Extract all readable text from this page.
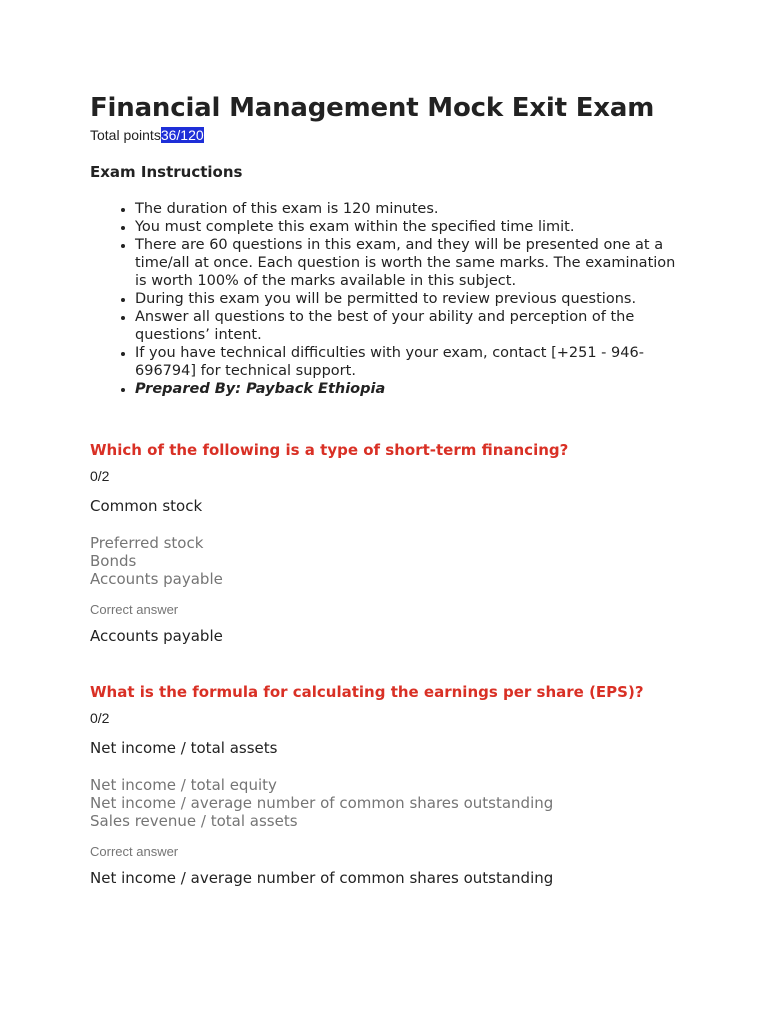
Financial Management Mock Exit Exam
Total points36/120
Exam Instructions
• The duration of this exam is 120 minutes.
• You must complete this exam within the specified time limit.
• There are 60 questions in this exam, and they will be presented one at a time/all at once. Each question is worth the same marks. The examination is worth 100% of the marks available in this subject.
• During this exam you will be permitted to review previous questions.
• Answer all questions to the best of your ability and perception of the questions’ intent.
• If you have technical difficulties with your exam, contact [+251 - 946-696794] for technical support.
• Prepared By: Payback Ethiopia
Which of the following is a type of short-term financing?
0/2
Common stock
Preferred stock
Bonds
Accounts payable
Correct answer
Accounts payable
What is the formula for calculating the earnings per share (EPS)?
0/2
Net income / total assets
Net income / total equity
Net income / average number of common shares outstanding
Sales revenue / total assets
Correct answer
Net income / average number of common shares outstanding
